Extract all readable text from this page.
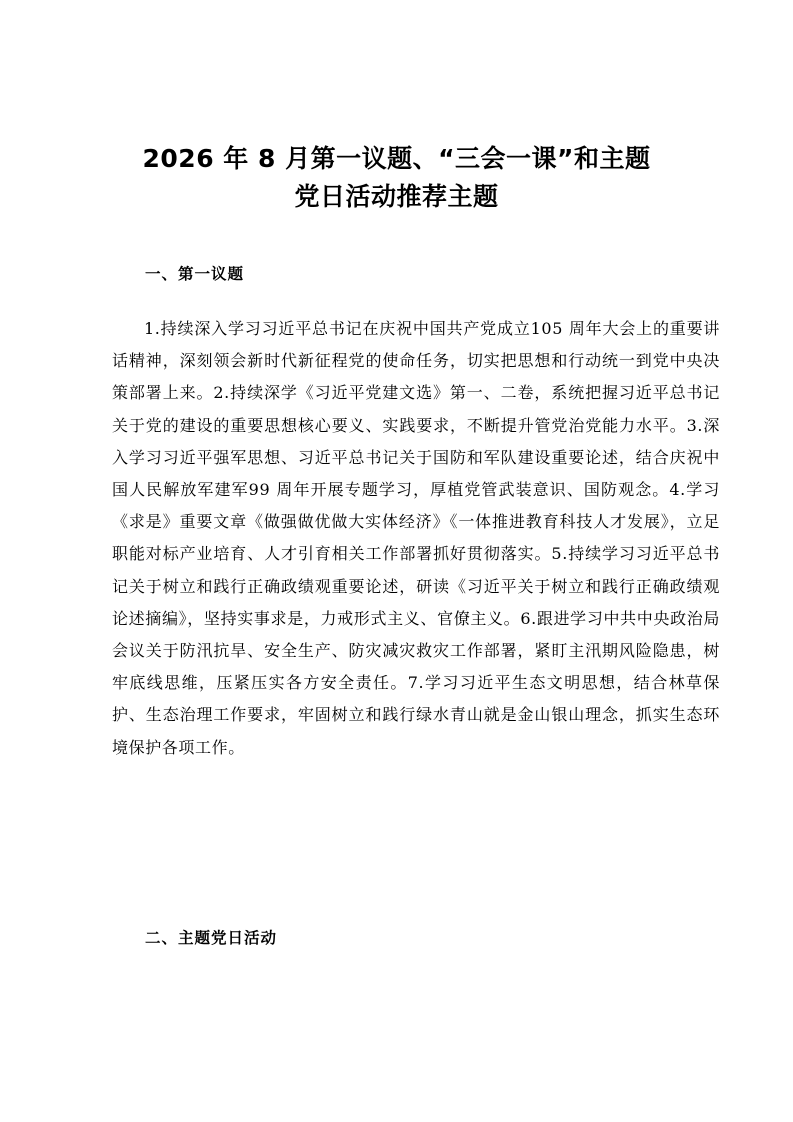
2026 年 8 月第一议题、“三会一课”和主题
党日活动推荐主题
一、第一议题

1.持续深入学习习近平总书记在庆祝中国共产党成立105 周年大会上的重要讲话精神，深刻领会新时代新征程党的使命任务，切实把思想和行动统一到党中央决策部署上来。2.持续深学《习近平党建文选》第一、二卷，系统把握习近平总书记关于党的建设的重要思想核心要义、实践要求，不断提升管党治党能力水平。3.深入学习习近平强军思想、习近平总书记关于国防和军队建设重要论述，结合庆祝中国人民解放军建军99 周年开展专题学习，厚植党管武装意识、国防观念。4.学习《求是》重要文章《做强做优做大实体经济》《一体推进教育科技人才发展》，立足职能对标产业培育、人才引育相关工作部署抓好贯彻落实。5.持续学习习近平总书记关于树立和践行正确政绩观重要论述，研读《习近平关于树立和践行正确政绩观论述摘编》，坚持实事求是，力戒形式主义、官僚主义。6.跟进学习中共中央政治局会议关于防汛抗旱、安全生产、防灾减灾救灾工作部署，紧盯主汛期风险隐患，树牢底线思维，压紧压实各方安全责任。7.学习习近平生态文明思想，结合林草保护、生态治理工作要求，牢固树立和践行绿水青山就是金山银山理念，抓实生态环境保护各项工作。

二、主题党日活动
